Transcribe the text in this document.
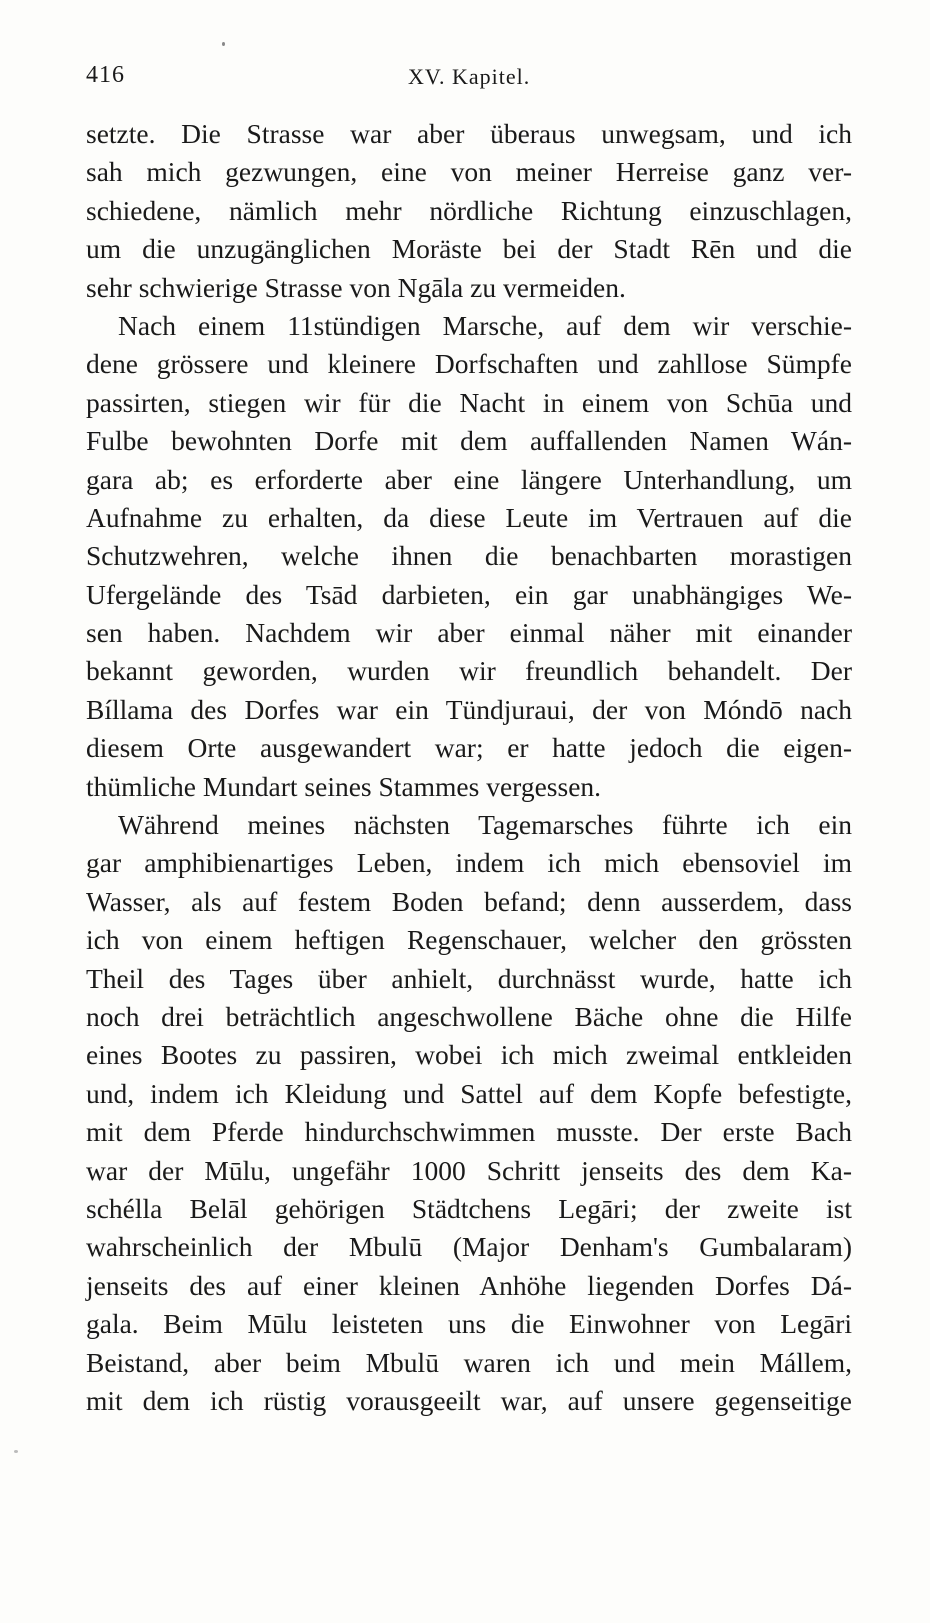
416	XV. Kapitel.
setzte. Die Strasse war aber überaus unwegsam, und ich
sah mich gezwungen, eine von meiner Herreise ganz ver-
schiedene, nämlich mehr nördliche Richtung einzuschlagen,
um die unzugänglichen Moräste bei der Stadt Rēn und die
sehr schwierige Strasse von Ngāla zu vermeiden.
Nach einem 11stündigen Marsche, auf dem wir verschie-
dene grössere und kleinere Dorfschaften und zahllose Sümpfe
passirten, stiegen wir für die Nacht in einem von Schūa und
Fulbe bewohnten Dorfe mit dem auffallenden Namen Wán-
gara ab; es erforderte aber eine längere Unterhandlung, um
Aufnahme zu erhalten, da diese Leute im Vertrauen auf die
Schutzwehren, welche ihnen die benachbarten morastigen
Ufergelände des Tsād darbieten, ein gar unabhängiges We-
sen haben. Nachdem wir aber einmal näher mit einander
bekannt geworden, wurden wir freundlich behandelt. Der
Bíllama des Dorfes war ein Tündjuraui, der von Móndō nach
diesem Orte ausgewandert war; er hatte jedoch die eigen-
thümliche Mundart seines Stammes vergessen.
Während meines nächsten Tagemarsches führte ich ein
gar amphibienartiges Leben, indem ich mich ebensoviel im
Wasser, als auf festem Boden befand; denn ausserdem, dass
ich von einem heftigen Regenschauer, welcher den grössten
Theil des Tages über anhielt, durchnässt wurde, hatte ich
noch drei beträchtlich angeschwollene Bäche ohne die Hilfe
eines Bootes zu passiren, wobei ich mich zweimal entkleiden
und, indem ich Kleidung und Sattel auf dem Kopfe befestigte,
mit dem Pferde hindurchschwimmen musste. Der erste Bach
war der Mūlu, ungefähr 1000 Schritt jenseits des dem Ka-
schélla Belāl gehörigen Städtchens Legāri; der zweite ist
wahrscheinlich der Mbulū (Major Denham's Gumbalaram)
jenseits des auf einer kleinen Anhöhe liegenden Dorfes Dá-
gala. Beim Mūlu leisteten uns die Einwohner von Legāri
Beistand, aber beim Mbulū waren ich und mein Mállem,
mit dem ich rüstig vorausgeeilt war, auf unsere gegenseitige
